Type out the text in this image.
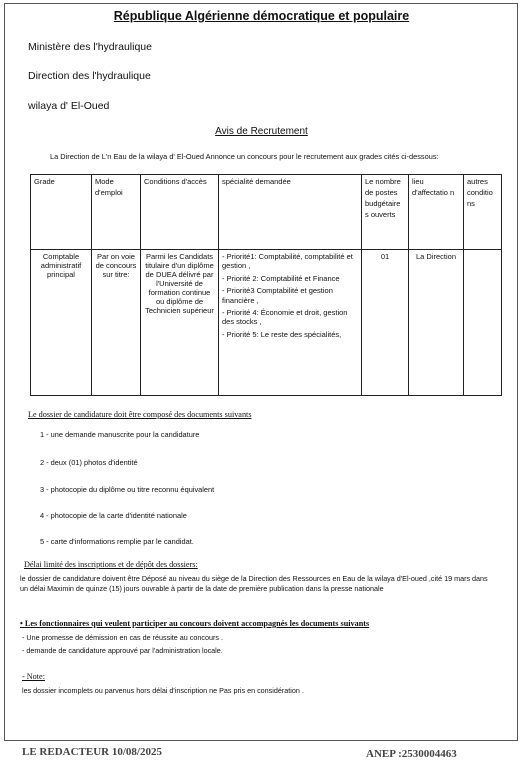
République Algérienne démocratique et populaire
Ministère des l'hydraulique
Direction des l'hydraulique
wilaya d' El-Oued
Avis de Recrutement
La Direction de L'n Eau de la wilaya d' El-Oued Annonce un concours pour le recrutement aux grades cités ci-dessous:
Grade	Mode d'emploi	Conditions d'accès	spécialité demandée	Le nombre de postes budgétaire s ouverts	lieu d'affectatio n	autres conditio ns
Comptable administratif principal	Par on voie de concours sur titre:	Parmi les Candidats titulaire d'un diplôme de DUEA délivré par l'Université de formation continue ou diplôme de Technicien supérieur	- Priorité1: Comptabilité, comptabilité et gestion ,
- Priorité 2: Comptabilité et Finance
- Priorité3 Comptabilité et gestion financière ,
- Priorité 4: Économie et droit, gestion des stocks ,
- Priorité 5: Le reste des spécialités,	01	La Direction	
Le dossier de candidature doit être composé des documents suivants
1 - une demande manuscrite pour la candidature
2 - deux (01) photos d'identité
3 - photocopie du diplôme ou titre reconnu équivalent
4 - photocopie de la carte d'identité nationale
5 - carte d'informations remplie par le candidat.
Délai limité des inscriptions et de dépôt des dossiers:
le dossier de candidature doivent être Déposé au niveau du siège de la Direction des Ressources en Eau de la wilaya d'El-oued ,cité 19 mars dans un délai Maximin de quinze (15) jours ouvrable à partir de la date de première publication dans la presse nationale
• Les fonctionnaires qui veulent participer au concours doivent accompagnés les documents suivants
- Une promesse de démission en cas de réussite au concours .
- demande de candidature approuvé par l'administration locale.
- Note:
les dossier incomplets ou parvenus hors délai d'inscription ne Pas pris en considération .
LE REDACTEUR 10/08/2025	ANEP :2530004463
